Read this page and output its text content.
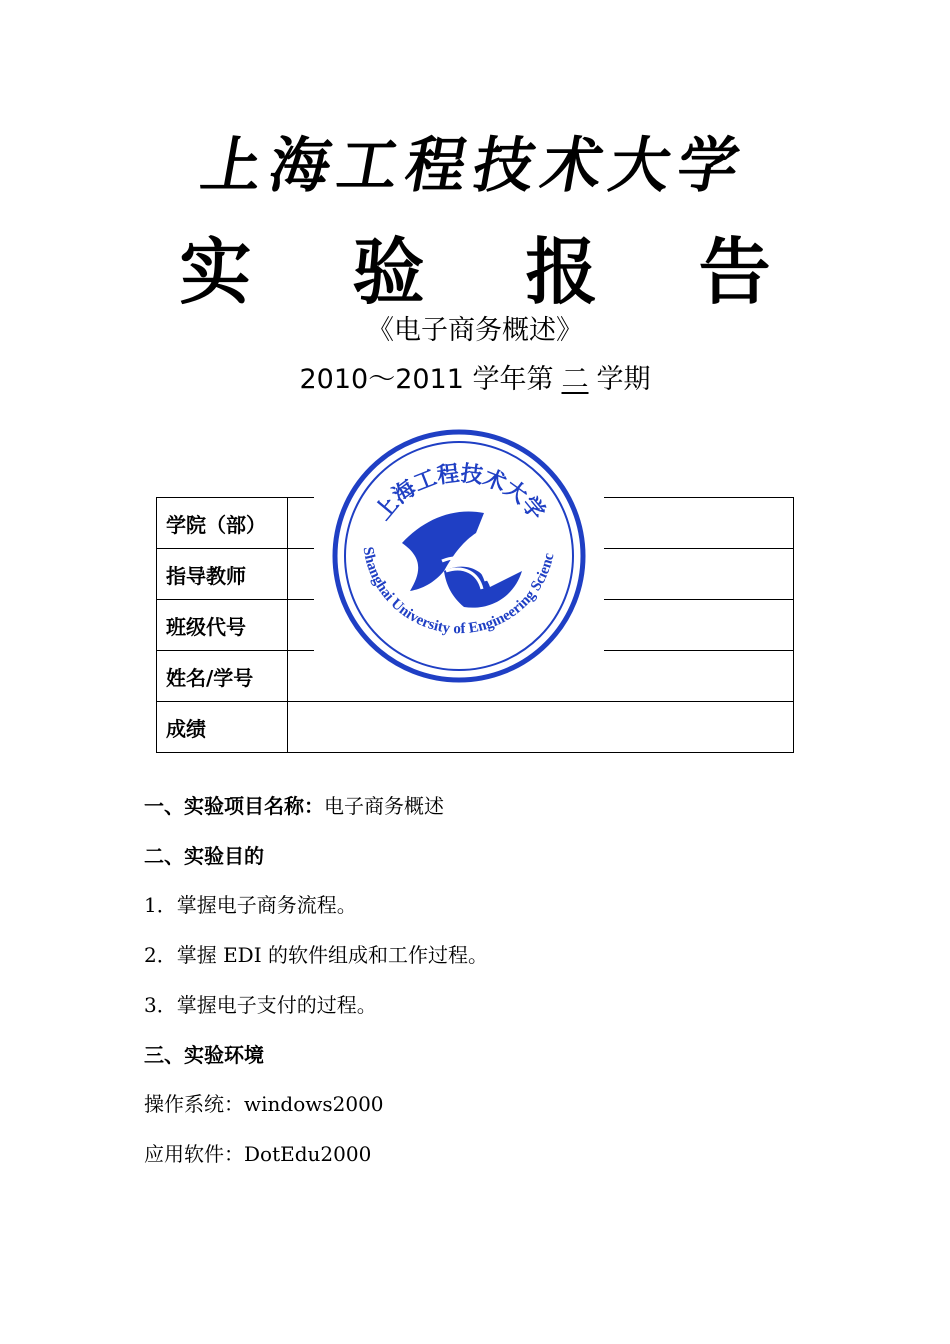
上海工程技术大学
实 验 报 告
《电子商务概述》
2010～2011 学年第 二 学期
学院（部）	
指导教师	
班级代号	
姓名/学号	
成绩	
上海工程技术大学
Shanghai University of Engineering Scienc
一、实验项目名称：电子商务概述
二、实验目的
1．掌握电子商务流程。
2．掌握 EDI 的软件组成和工作过程。
3．掌握电子支付的过程。
三、实验环境
操作系统：windows2000
应用软件：DotEdu2000
